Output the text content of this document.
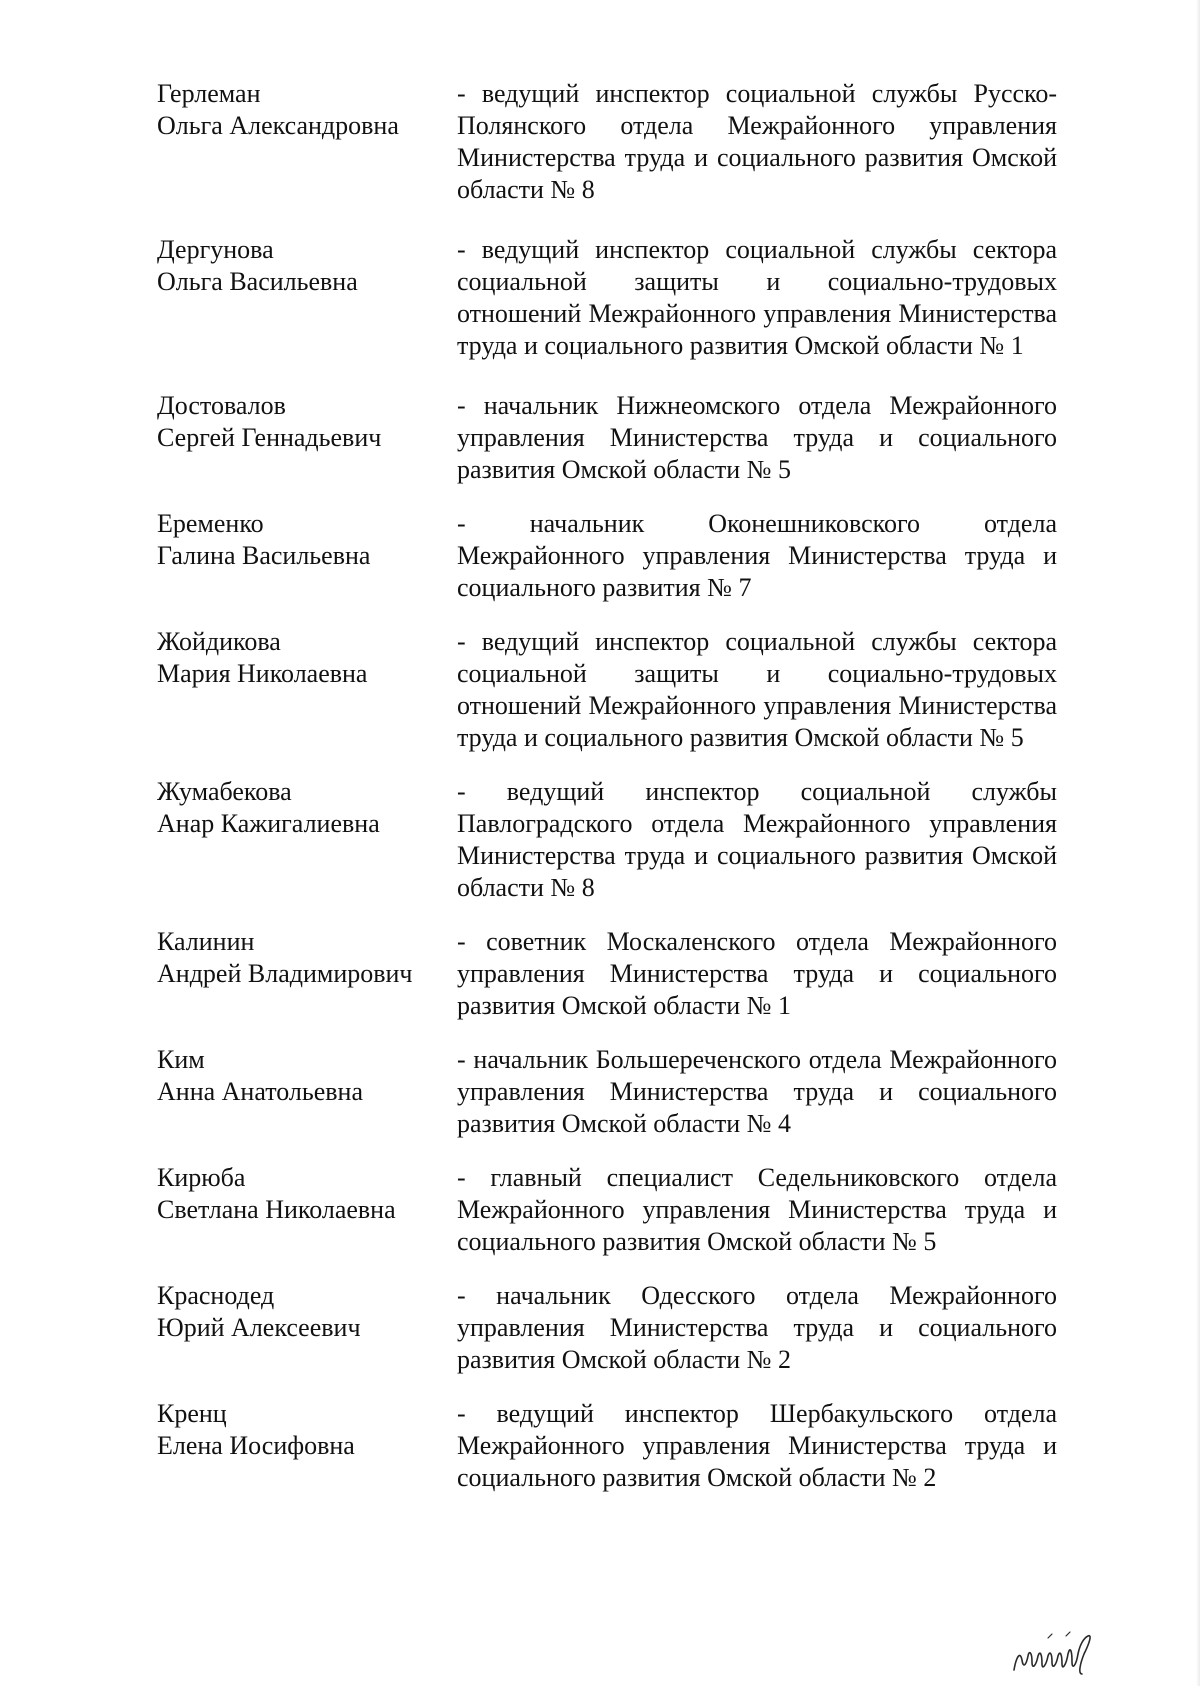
Герлеман
Ольга Александровна
- ведущий инспектор социальной службы Русско-Полянского отдела Межрайонного управления Министерства труда и социального развития Омской области № 8
Дергунова
Ольга Васильевна
- ведущий инспектор социальной службы сектора социальной защиты и социально-трудовых отношений Межрайонного управления Министерства труда и социального развития Омской области № 1
Достовалов
Сергей Геннадьевич
- начальник Нижнеомского отдела Межрайонного управления Министерства труда и социального развития Омской области № 5
Еременко
Галина Васильевна
- начальник Оконешниковского отдела Межрайонного управления Министерства труда и социального развития № 7
Жойдикова
Мария Николаевна
- ведущий инспектор социальной службы сектора социальной защиты и социально-трудовых отношений Межрайонного управления Министерства труда и социального развития Омской области № 5
Жумабекова
Анар Кажигалиевна
- ведущий инспектор социальной службы Павлоградского отдела Межрайонного управления Министерства труда и социального развития Омской области № 8
Калинин
Андрей Владимирович
- советник Москаленского отдела Межрайонного управления Министерства труда и социального развития Омской области № 1
Ким
Анна Анатольевна
- начальник Большереченского отдела Межрайонного управления Министерства труда и социального развития Омской области № 4
Кирюба
Светлана Николаевна
- главный специалист Седельниковского отдела Межрайонного управления Министерства труда и социального развития Омской области № 5
Краснодед
Юрий Алексеевич
- начальник Одесского отдела Межрайонного управления Министерства труда и социального развития Омской области № 2
Кренц
Елена Иосифовна
- ведущий инспектор Шербакульского отдела Межрайонного управления Министерства труда и социального развития Омской области № 2
